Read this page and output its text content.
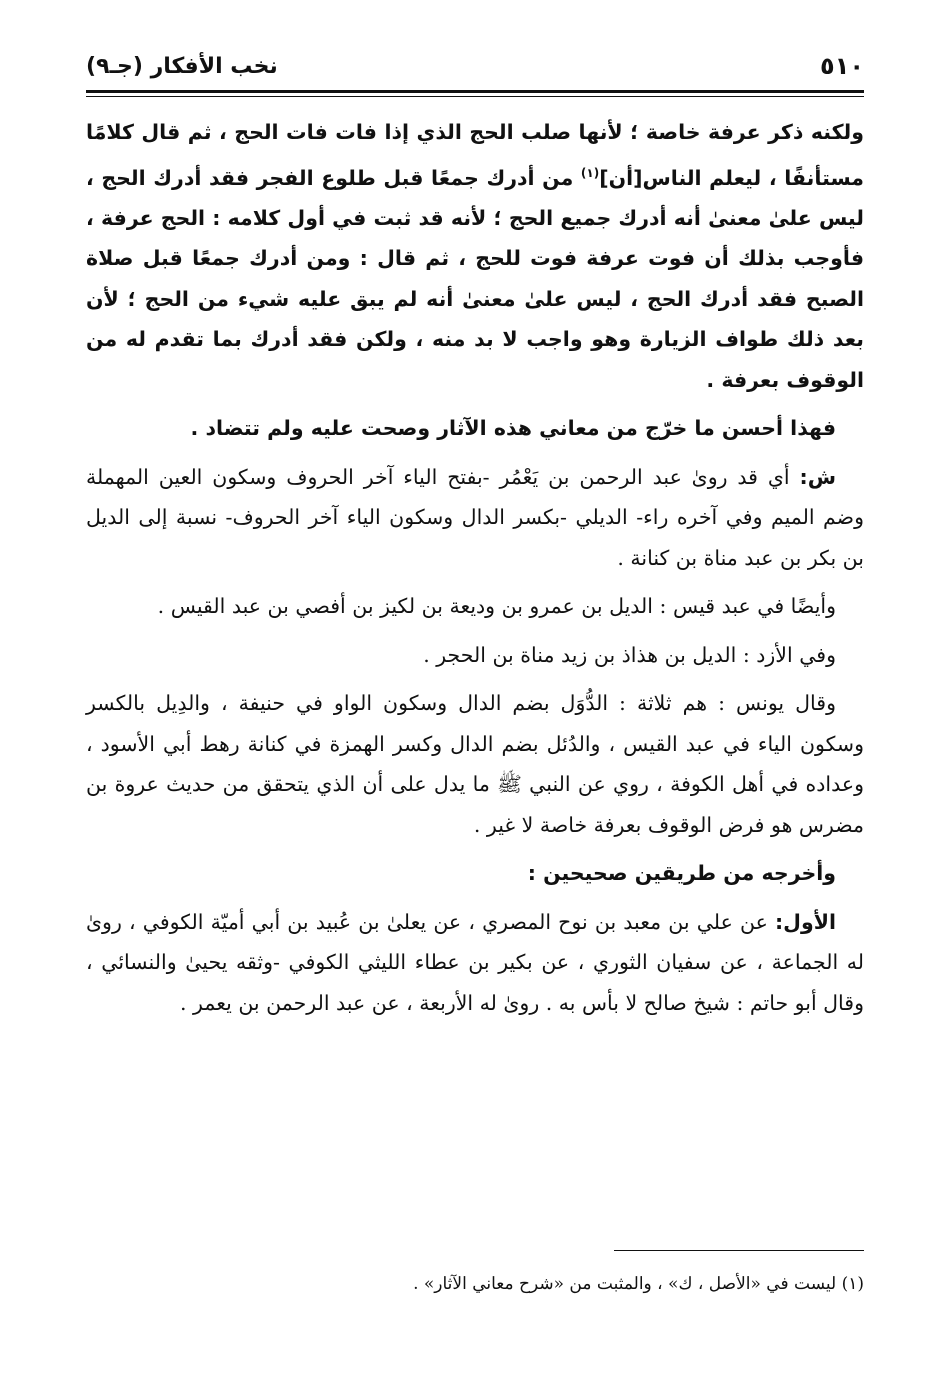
٥١٠
نخب الأفكار (جـ٩)

ولكنه ذكر عرفة خاصة ؛ لأنها صلب الحج الذي إذا فات فات الحج ، ثم قال كلامًا مستأنفًا ، ليعلم الناس[أن]$^{(١)}$ من أدرك جمعًا قبل طلوع الفجر فقد أدرك الحج ، ليس علىٰ معنىٰ أنه أدرك جميع الحج ؛ لأنه قد ثبت في أول كلامه : الحج عرفة ، فأوجب بذلك أن فوت عرفة فوت للحج ، ثم قال : ومن أدرك جمعًا قبل صلاة الصبح فقد أدرك الحج ، ليس علىٰ معنىٰ أنه لم يبق عليه شيء من الحج ؛ لأن بعد ذلك طواف الزيارة وهو واجب لا بد منه ، ولكن فقد أدرك بما تقدم له من الوقوف بعرفة .

فهذا أحسن ما خرّج من معاني هذه الآثار وصحت عليه ولم تتضاد .

ش: أي قد روىٰ عبد الرحمن بن يَعْمُر -بفتح الياء آخر الحروف وسكون العين المهملة وضم الميم وفي آخره راء- الديلي -بكسر الدال وسكون الياء آخر الحروف- نسبة إلى الديل بن بكر بن عبد مناة بن كنانة .

وأيضًا في عبد قيس : الديل بن عمرو بن وديعة بن لكيز بن أفصي بن عبد القيس .

وفي الأزد : الديل بن هذاذ بن زيد مناة بن الحجر .

وقال يونس : هم ثلاثة : الدُّوَل بضم الدال وسكون الواو في حنيفة ، والدِيل بالكسر وسكون الياء في عبد القيس ، والدُئل بضم الدال وكسر الهمزة في كنانة رهط أبي الأسود ، وعداده في أهل الكوفة ، روي عن النبي ﷺ ما يدل على أن الذي يتحقق من حديث عروة بن مضرس هو فرض الوقوف بعرفة خاصة لا غير .

وأخرجه من طريقين صحيحين :

الأول: عن علي بن معبد بن نوح المصري ، عن يعلىٰ بن عُبيد بن أبي أميّة الكوفي ، روىٰ له الجماعة ، عن سفيان الثوري ، عن بكير بن عطاء الليثي الكوفي -وثقه يحيىٰ والنسائي ، وقال أبو حاتم : شيخ صالح لا بأس به . روىٰ له الأربعة ، عن عبد الرحمن بن يعمر .

(١) ليست في «الأصل ، ك» ، والمثبت من «شرح معاني الآثار» .
